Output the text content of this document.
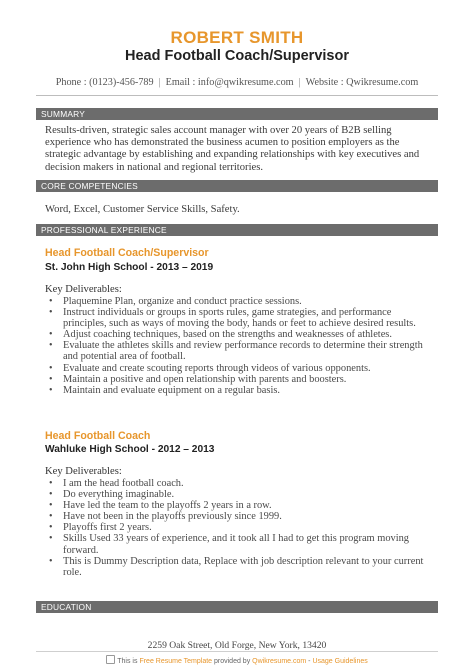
ROBERT SMITH
Head Football Coach/Supervisor
Phone : (0123)-456-789 | Email : info@qwikresume.com | Website : Qwikresume.com
SUMMARY
Results-driven, strategic sales account manager with over 20 years of B2B selling experience who has demonstrated the business acumen to position employers as the strategic advantage by establishing and expanding relationships with key executives and decision makers in national and regional territories.
CORE COMPETENCIES
Word, Excel, Customer Service Skills, Safety.
PROFESSIONAL EXPERIENCE
Head Football Coach/Supervisor
St. John High School - 2013 – 2019
Key Deliverables:
• Plaquemine Plan, organize and conduct practice sessions.
• Instruct individuals or groups in sports rules, game strategies, and performance principles, such as ways of moving the body, hands or feet to achieve desired results.
• Adjust coaching techniques, based on the strengths and weaknesses of athletes.
• Evaluate the athletes skills and review performance records to determine their strength and potential area of football.
• Evaluate and create scouting reports through videos of various opponents.
• Maintain a positive and open relationship with parents and boosters.
• Maintain and evaluate equipment on a regular basis.
Head Football Coach
Wahluke High School - 2012 – 2013
Key Deliverables:
• I am the head football coach.
• Do everything imaginable.
• Have led the team to the playoffs 2 years in a row.
• Have not been in the playoffs previously since 1999.
• Playoffs first 2 years.
• Skills Used 33 years of experience, and it took all I had to get this program moving forward.
• This is Dummy Description data, Replace with job description relevant to your current role.
EDUCATION
2259 Oak Street, Old Forge, New York, 13420
This is Free Resume Template provided by Qwikresume.com - Usage Guidelines
